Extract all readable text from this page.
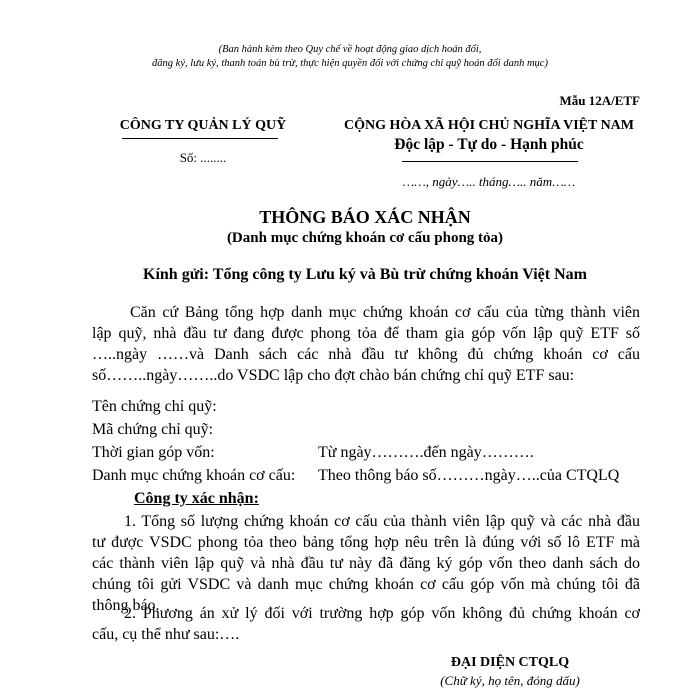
(Ban hành kèm theo Quy chế về hoạt động giao dịch hoán đổi,
đăng ký, lưu ký, thanh toán bù trừ, thực hiện quyền đối với chứng chỉ quỹ hoán đổi danh mục)
Mẫu 12A/ETF
CÔNG TY QUẢN LÝ QUỸ
Số: ........
CỘNG HÒA XÃ HỘI CHỦ NGHĨA VIỆT NAM
Độc lập - Tự do - Hạnh phúc
……, ngày….. tháng….. năm……
THÔNG BÁO XÁC NHẬN
(Danh mục chứng khoán cơ cấu phong tỏa)
Kính gửi: Tổng công ty Lưu ký và Bù trừ chứng khoán Việt Nam
Căn cứ Bảng tổng hợp danh mục chứng khoán cơ cấu của từng thành viên
lập quỹ, nhà đầu tư đang được phong tỏa để tham gia góp vốn lập quỹ ETF số
…..ngày ……và Danh sách các nhà đầu tư không đủ chứng khoán cơ cấu
số……..ngày……..do VSDC lập cho đợt chào bán chứng chỉ quỹ ETF sau:
Tên chứng chỉ quỹ:
Mã chứng chỉ quỹ:
Thời gian góp vốn:	Từ ngày……….đến ngày……….
Danh mục chứng khoán cơ cấu: Theo thông báo số………ngày…..của CTQLQ
Công ty xác nhận:
1. Tổng số lượng chứng khoán cơ cấu của thành viên lập quỹ và các nhà đầu
tư được VSDC phong tỏa theo bảng tổng hợp nêu trên là đúng với số lô ETF mà
các thành viên lập quỹ và nhà đầu tư này đã đăng ký góp vốn theo danh sách do
chúng tôi gửi VSDC và danh mục chứng khoán cơ cấu góp vốn mà chúng tôi đã
thông báo.
2. Phương án xử lý đối với trường hợp góp vốn không đủ chứng khoán cơ
cấu, cụ thể như sau:….
ĐẠI DIỆN CTQLQ
(Chữ ký, họ tên, đóng dấu)
